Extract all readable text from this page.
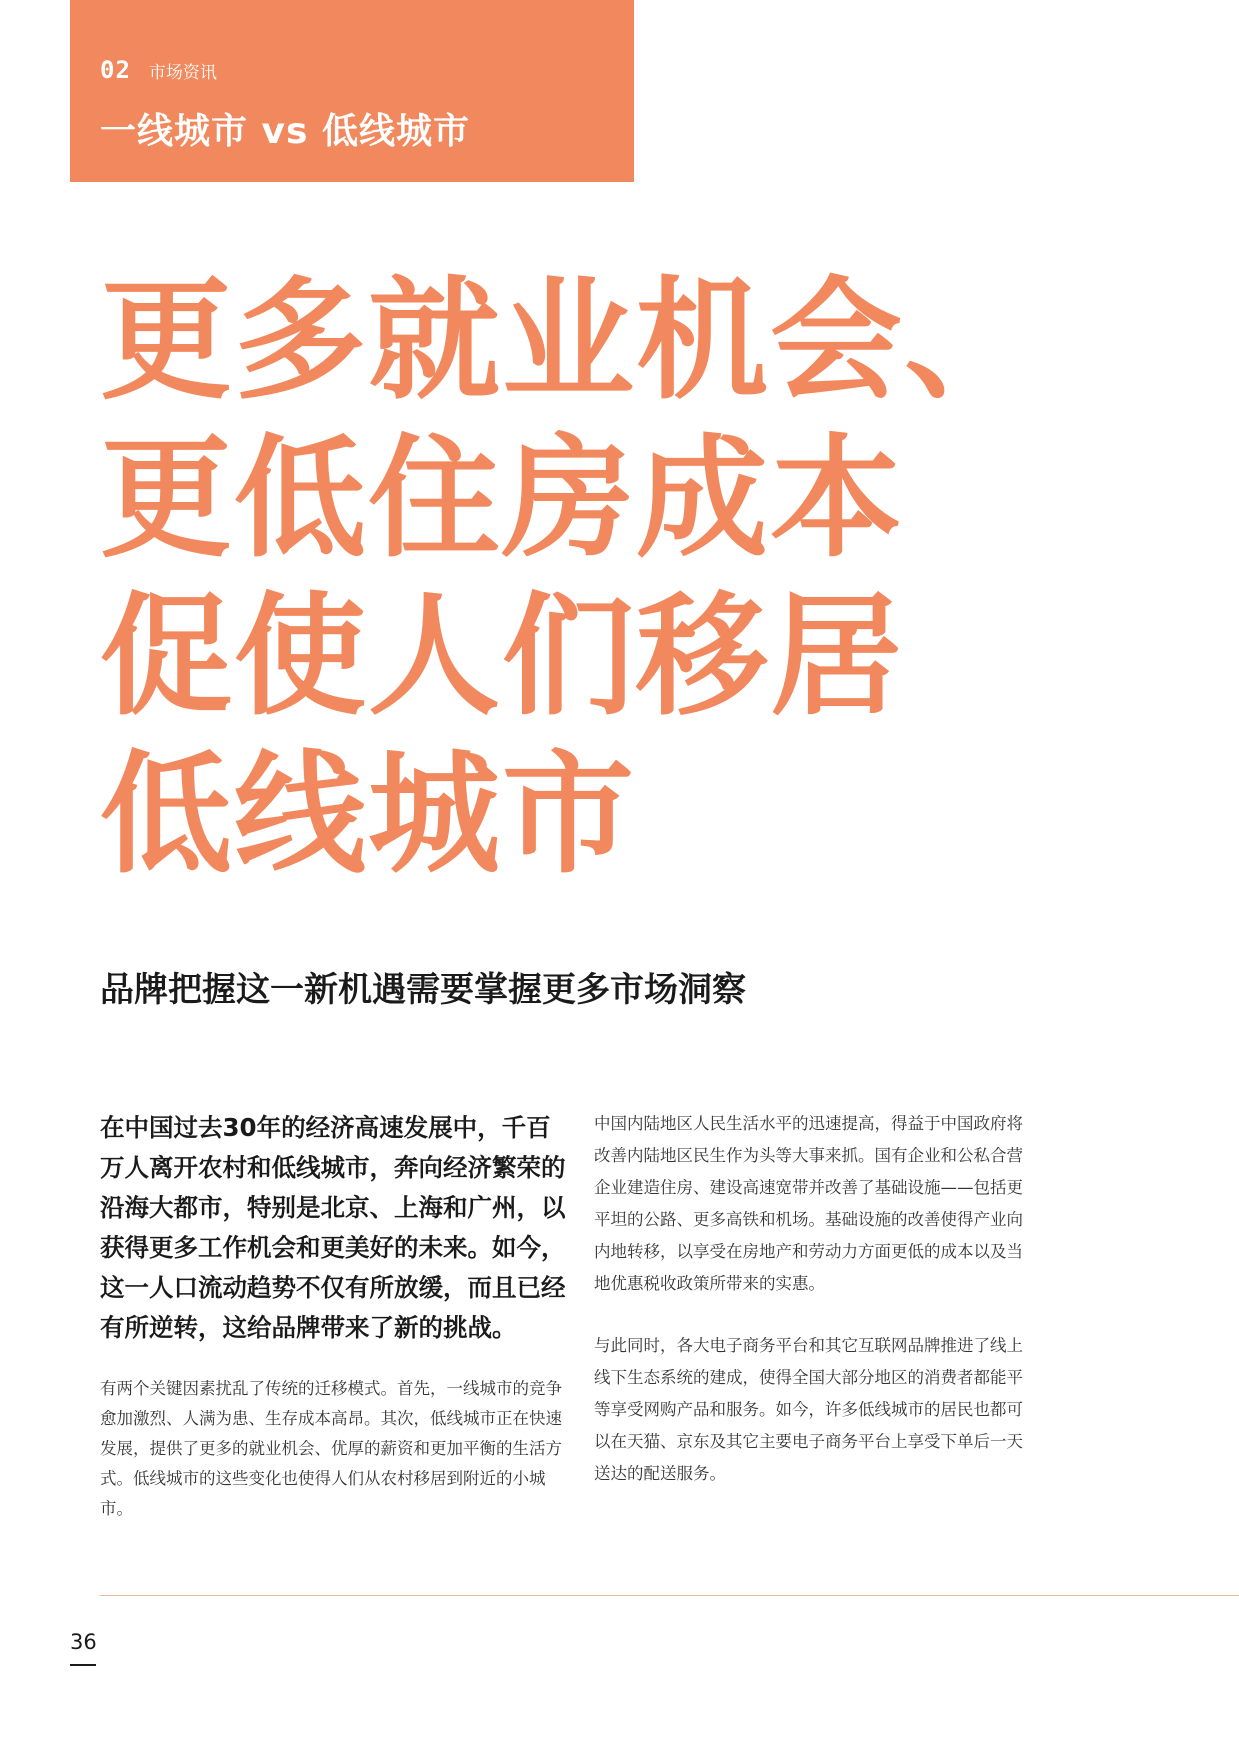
02 市场资讯
一线城市 vs 低线城市
更多就业机会、
更低住房成本
促使人们移居
低线城市
品牌把握这一新机遇需要掌握更多市场洞察

在中国过去30年的经济高速发展中，千百万人离开农村和低线城市，奔向经济繁荣的沿海大都市，特别是北京、上海和广州，以获得更多工作机会和更美好的未来。如今，这一人口流动趋势不仅有所放缓，而且已经有所逆转，这给品牌带来了新的挑战。

有两个关键因素扰乱了传统的迁移模式。首先，一线城市的竞争愈加激烈、人满为患、生存成本高昂。其次，低线城市正在快速发展，提供了更多的就业机会、优厚的薪资和更加平衡的生活方式。低线城市的这些变化也使得人们从农村移居到附近的小城市。

中国内陆地区人民生活水平的迅速提高，得益于中国政府将改善内陆地区民生作为头等大事来抓。国有企业和公私合营企业建造住房、建设高速宽带并改善了基础设施——包括更平坦的公路、更多高铁和机场。基础设施的改善使得产业向内地转移，以享受在房地产和劳动力方面更低的成本以及当地优惠税收政策所带来的实惠。

与此同时，各大电子商务平台和其它互联网品牌推进了线上线下生态系统的建成，使得全国大部分地区的消费者都能平等享受网购产品和服务。如今，许多低线城市的居民也都可以在天猫、京东及其它主要电子商务平台上享受下单后一天送达的配送服务。

36
